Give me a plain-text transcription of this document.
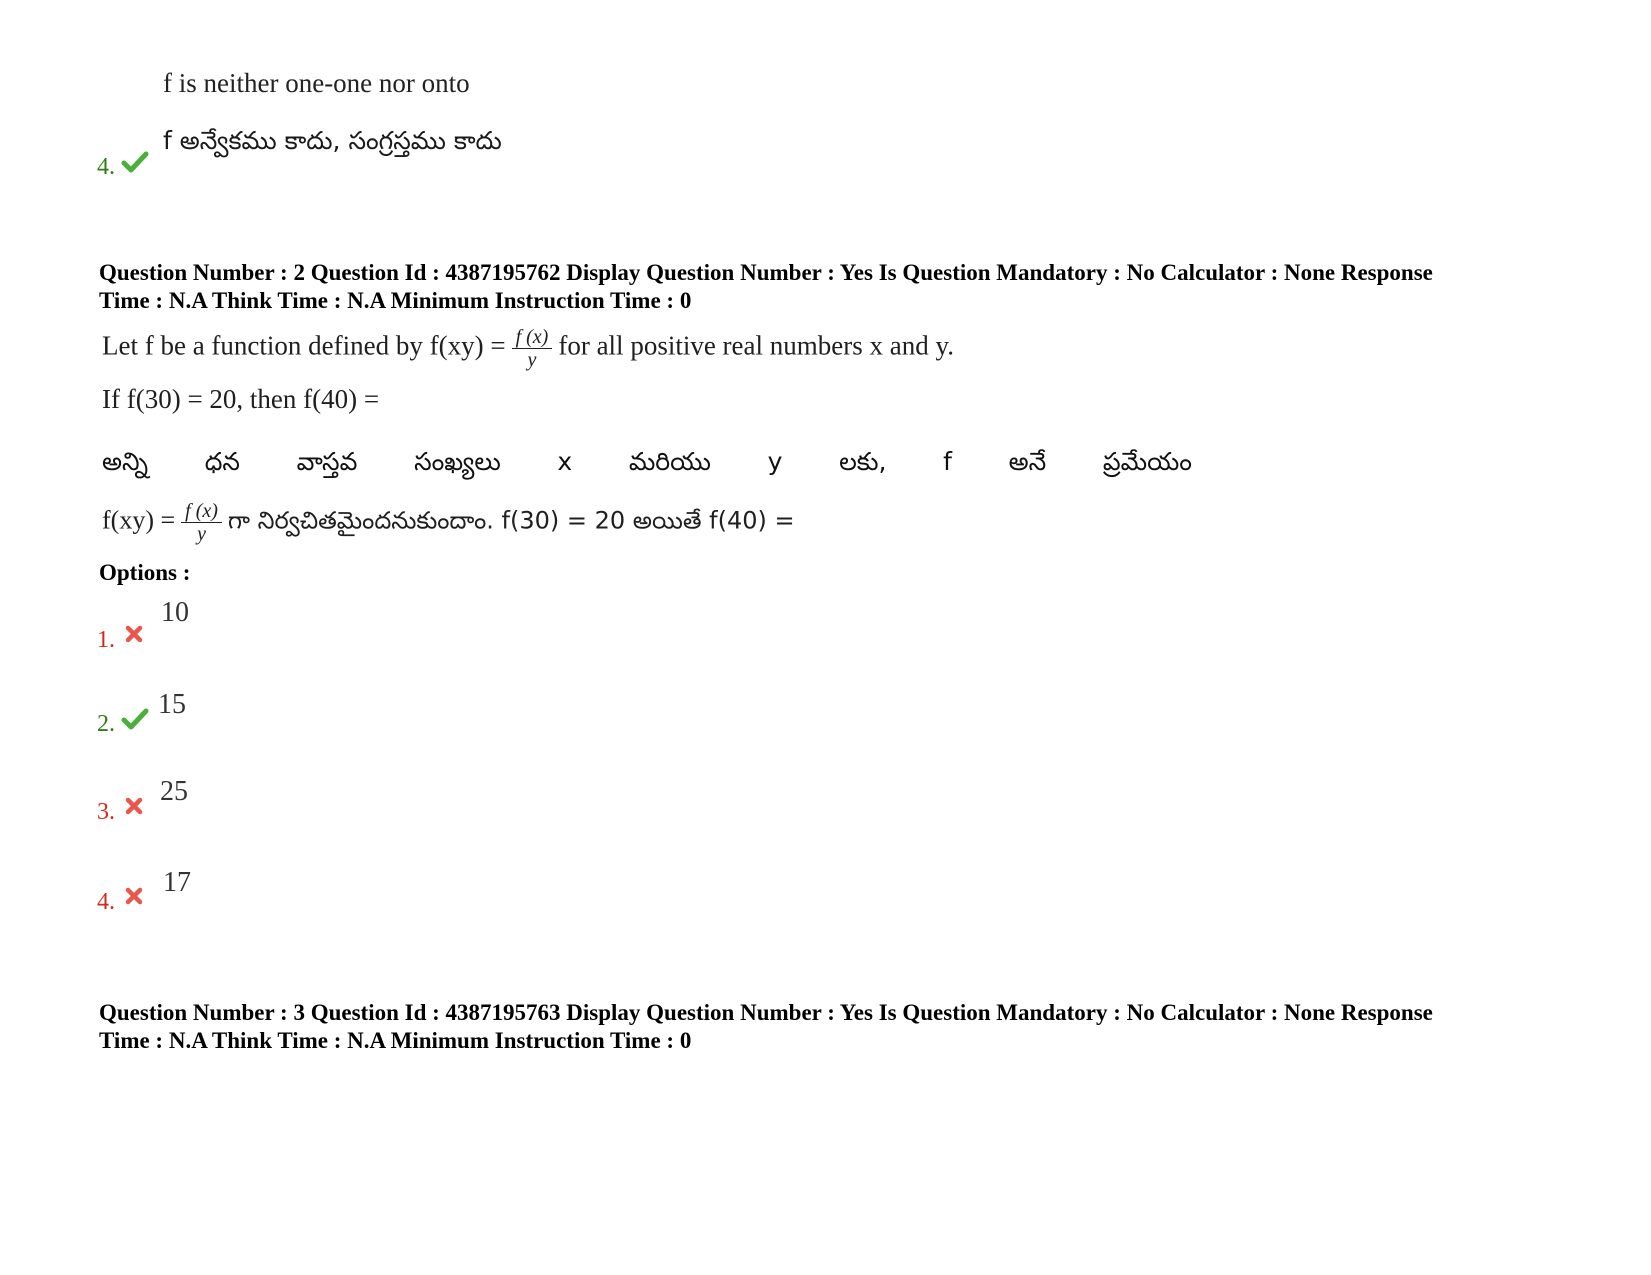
f is neither one-one nor onto
f అన్వేకము కాదు, సంగ్రస్తము కాదు
4.
Question Number : 2 Question Id : 4387195762 Display Question Number : Yes Is Question Mandatory : No Calculator : None Response
Time : N.A Think Time : N.A Minimum Instruction Time : 0
Let f be a function defined by $f(xy) = \frac{f (x)}{y}$ for all positive real numbers x and y.
If f(30) = 20, then f(40) =
అన్ని ధన వాస్తవ సంఖ్యలు x మరియు y లకు, f అనే ప్రమేయం
$f(xy) = \frac{f (x)}{y}$ గా నిర్వచితమైందనుకుందాం. f(30) = 20 అయితే f(40) =
Options :
1.
10
2.
15
3.
25
4.
17
Question Number : 3 Question Id : 4387195763 Display Question Number : Yes Is Question Mandatory : No Calculator : None Response
Time : N.A Think Time : N.A Minimum Instruction Time : 0
